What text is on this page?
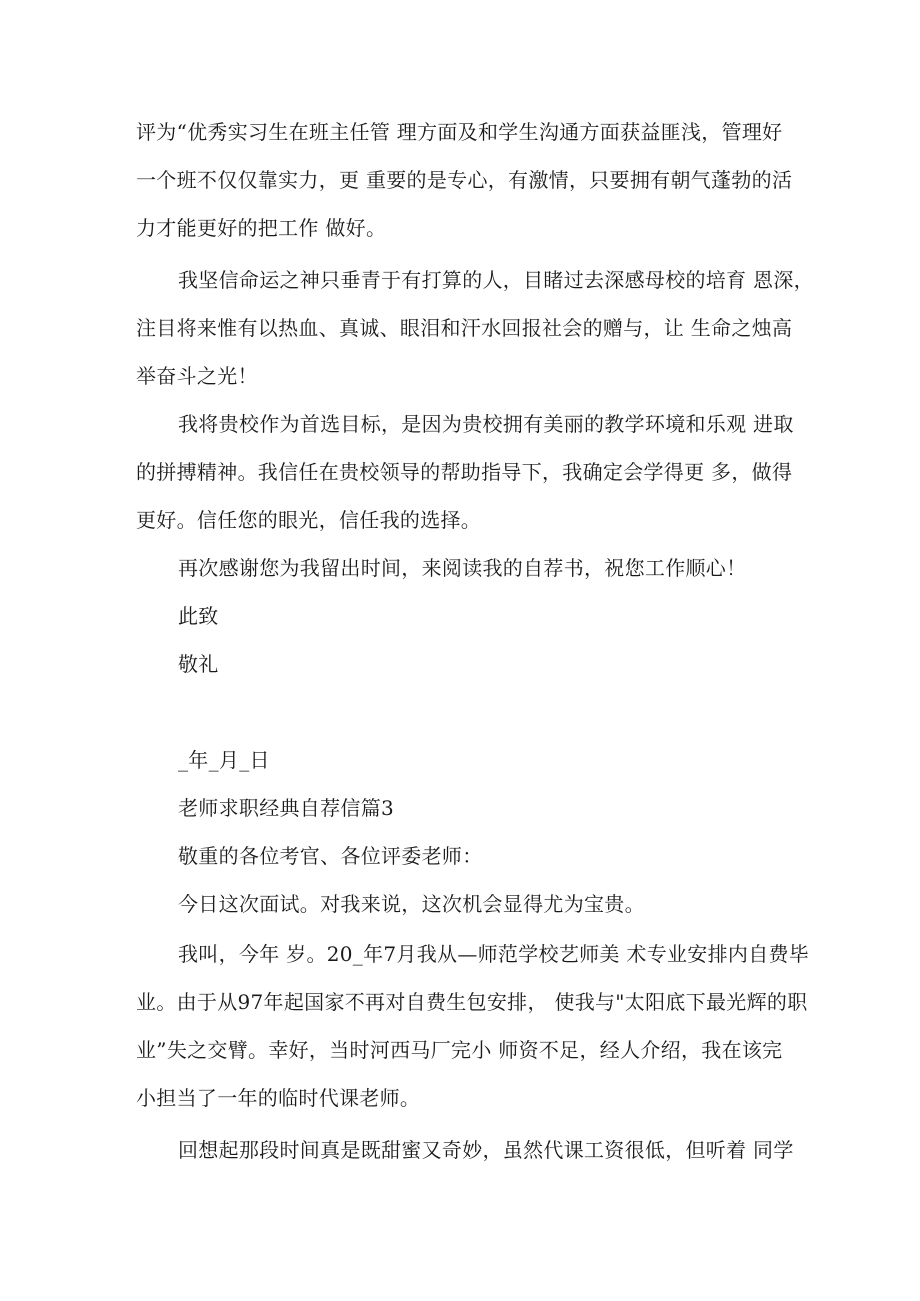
评为“优秀实习生在班主任管 理方面及和学生沟通方面获益匪浅，管理好
一个班不仅仅靠实力，更 重要的是专心，有激情，只要拥有朝气蓬勃的活
力才能更好的把工作 做好。
我坚信命运之神只垂青于有打算的人，目睹过去深感母校的培育 恩深，
注目将来惟有以热血、真诚、眼泪和汗水回报社会的赠与，让 生命之烛高
举奋斗之光！
我将贵校作为首选目标，是因为贵校拥有美丽的教学环境和乐观 进取
的拼搏精神。我信任在贵校领导的帮助指导下，我确定会学得更 多，做得
更好。信任您的眼光，信任我的选择。
再次感谢您为我留出时间，来阅读我的自荐书，祝您工作顺心！
此致
敬礼
_年_月_日
老师求职经典自荐信篇3
敬重的各位考官、各位评委老师：
今日这次面试。对我来说，这次机会显得尤为宝贵。
我叫，今年 岁。20_年7月我从—师范学校艺师美 术专业安排内自费毕
业。由于从97年起国家不再对自费生包安排， 使我与"太阳底下最光辉的职
业”失之交臂。幸好，当时河西马厂完小 师资不足，经人介绍，我在该完
小担当了一年的临时代课老师。
回想起那段时间真是既甜蜜又奇妙，虽然代课工资很低，但听着 同学
